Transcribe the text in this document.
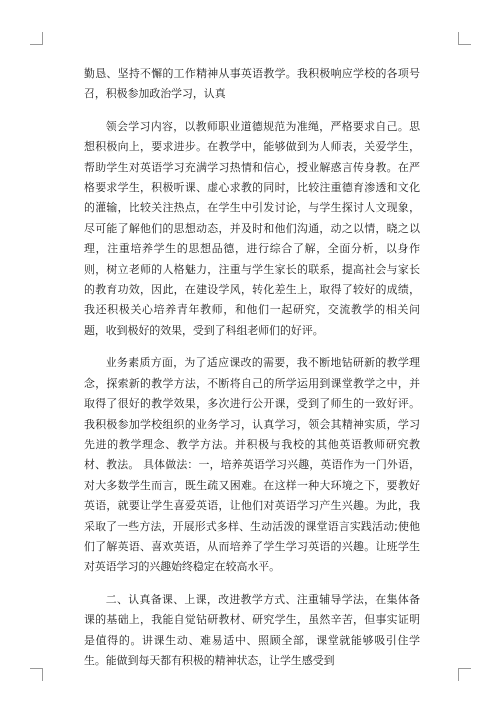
勤恳、坚持不懈的工作精神从事英语教学。我积极响应学校的各项号召，积极参加政治学习，认真

领会学习内容，以教师职业道德规范为准绳，严格要求自己。思想积极向上，要求进步。在教学中，能够做到为人师表，关爱学生，帮助学生对英语学习充满学习热情和信心，授业解惑言传身教。在严格要求学生，积极听课、虚心求教的同时，比较注重德育渗透和文化的灌输，比较关注热点，在学生中引发讨论，与学生探讨人文现象，尽可能了解他们的思想动态，并及时和他们沟通，动之以情，晓之以理，注重培养学生的思想品德，进行综合了解，全面分析，以身作则，树立老师的人格魅力，注重与学生家长的联系，提高社会与家长的教育功效，因此，在建设学风，转化差生上，取得了较好的成绩，我还积极关心培养青年教师，和他们一起研究，交流教学的相关问题，收到极好的效果，受到了科组老师们的好评。

业务素质方面，为了适应课改的需要，我不断地钻研新的教学理念，探索新的教学方法，不断将自己的所学运用到课堂教学之中，并取得了很好的教学效果，多次进行公开课，受到了师生的一致好评。我积极参加学校组织的业务学习，认真学习，领会其精神实质，学习先进的教学理念、教学方法。并积极与我校的其他英语教师研究教材、教法。 具体做法：一，培养英语学习兴趣，英语作为一门外语，对大多数学生而言，既生疏又困难。在这样一种大环境之下，要教好英语，就要让学生喜爱英语，让他们对英语学习产生兴趣。为此，我采取了一些方法，开展形式多样、生动活泼的课堂语言实践活动;使他们了解英语、喜欢英语，从而培养了学生学习英语的兴趣。让班学生对英语学习的兴趣始终稳定在较高水平。

二、认真备课、上课，改进教学方式、注重辅导学法，在集体备课的基础上，我能自觉钻研教材、研究学生，虽然辛苦，但事实证明是值得的。讲课生动、难易适中、照顾全部，课堂就能够吸引住学生。能做到每天都有积极的精神状态，让学生感受到
